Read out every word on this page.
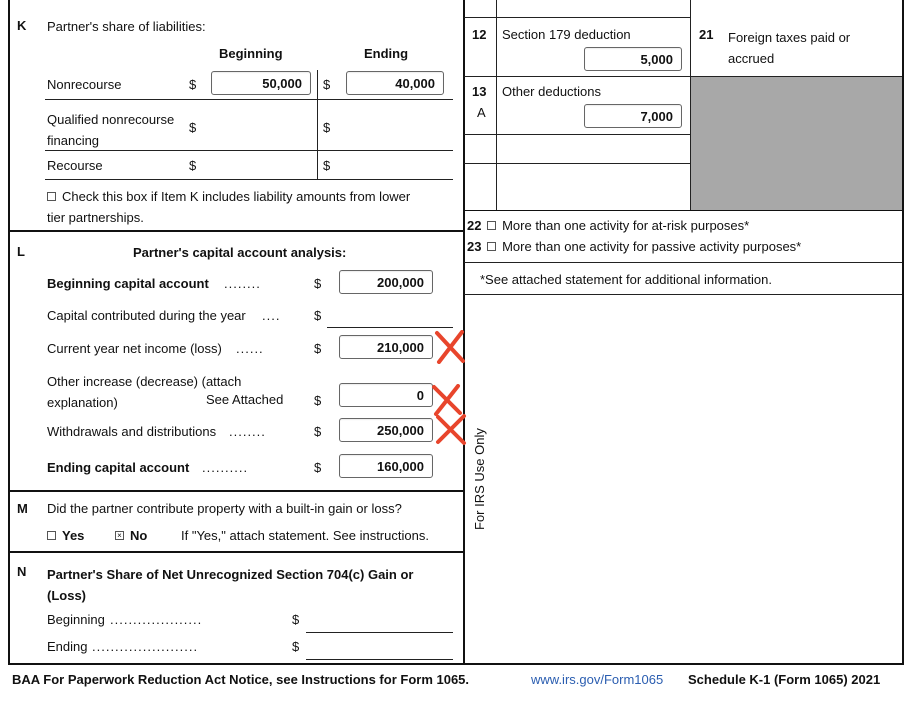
K Partner's share of liabilities:
Beginning	Ending
Nonrecourse	$	50,000	$	40,000
Qualified nonrecourse
financing
$	$
Recourse	$	$
Check this box if Item K includes liability amounts from lower
tier partnerships.
L	Partner's capital account analysis:
Beginning capital account ........	$	200,000
Capital contributed during the year ....	$
Current year net income (loss) ......	$	210,000
Other increase (decrease) (attach
explanation)	See Attached $	0
Withdrawals and distributions ........	$	250,000
Ending capital account ..........	$	160,000
M Did the partner contribute property with a built-in gain or loss?
Yes	× No	If "Yes," attach statement. See instructions.
N Partner's Share of Net Unrecognized Section 704(c) Gain or
(Loss)
Beginning ....................	$
Ending .......................	$
12 Section 179 deduction
5,000
21 Foreign taxes paid or
accrued
13
A
Other deductions
7,000
22 More than one activity for at-risk purposes*
23 More than one activity for passive activity purposes*
*See attached statement for additional information.
For IRS Use Only
BAA For Paperwork Reduction Act Notice, see Instructions for Form 1065.	www.irs.gov/Form1065 Schedule K-1 (Form 1065) 2021
